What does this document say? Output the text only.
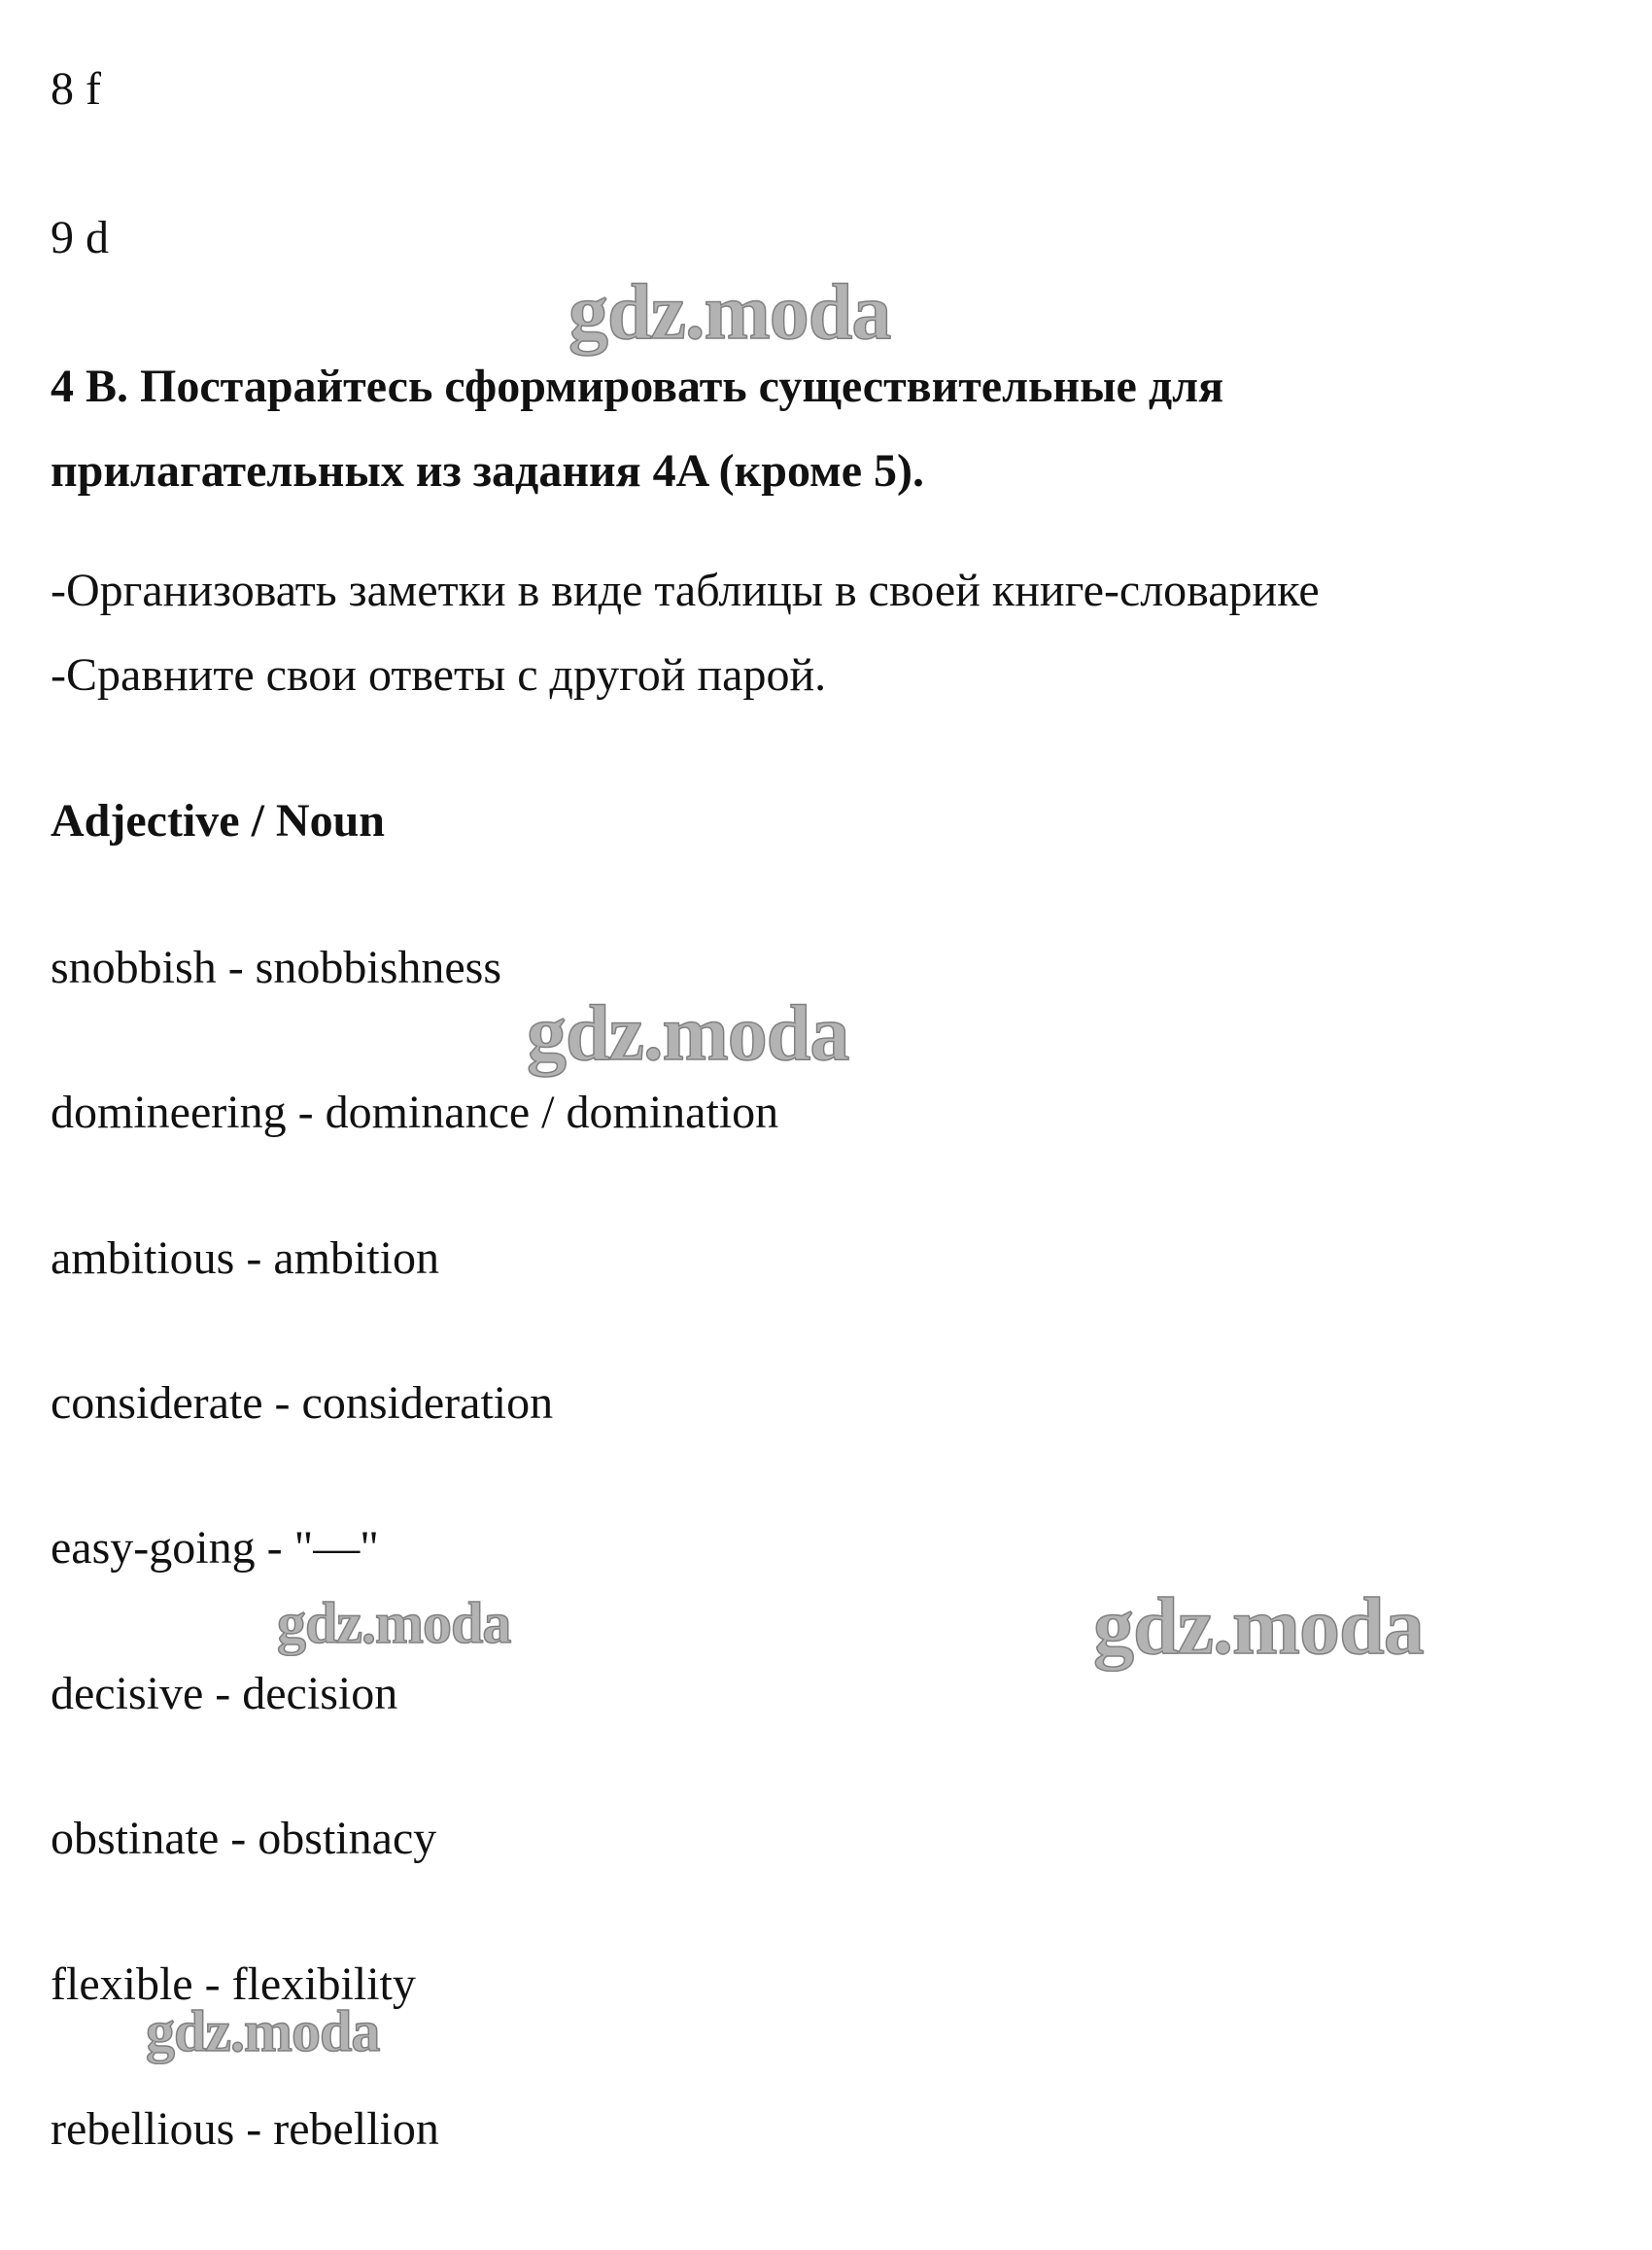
8 f

9 d

4 B. Постарайтесь сформировать существительные для

прилагательных из задания 4A (кроме 5).

-Организовать заметки в виде таблицы в своей книге-словарике

-Сравните свои ответы с другой парой.

Adjective / Noun

snobbish - snobbishness

domineering - dominance / domination

ambitious - ambition

considerate - consideration

easy-going - "—"

decisive - decision

obstinate - obstinacy

flexible - flexibility

rebellious - rebellion

gdz.moda
gdz.moda
gdz.moda	gdz.moda
gdz.moda
